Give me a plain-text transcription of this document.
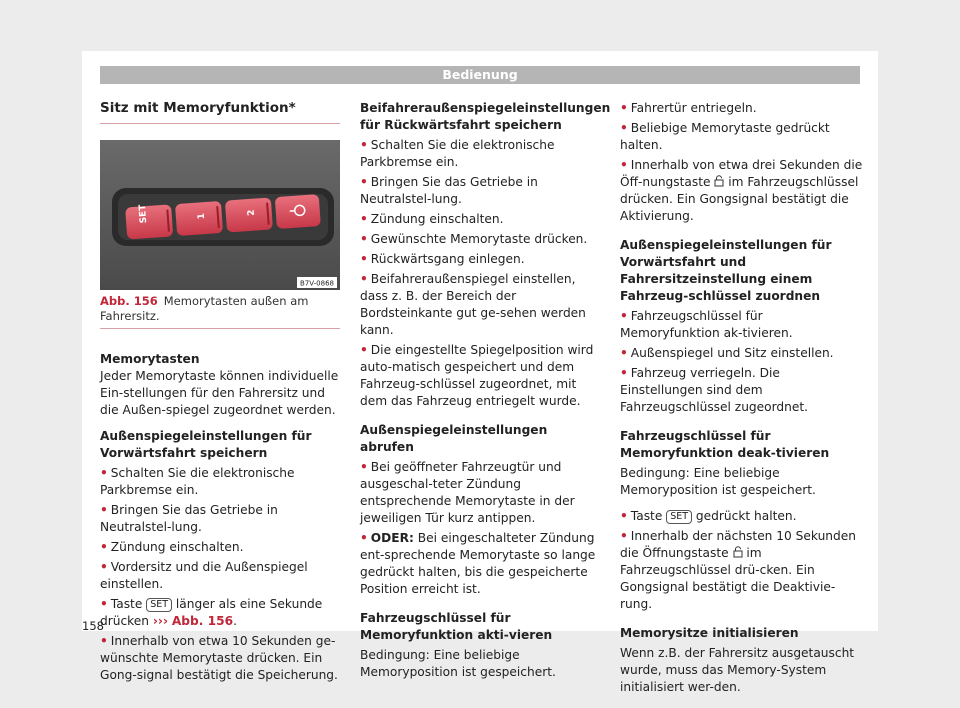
Bedienung
Sitz mit Memoryfunktion*
SET	1
2
B7V-0868
Abb. 156 Memorytasten außen am Fahrersitz.

Memorytasten

Jeder Memorytaste können individuelle Ein-stellungen für den Fahrersitz und die Außen-spiegel zugeordnet werden.

Außenspiegeleinstellungen für Vorwärtsfahrt speichern

• Schalten Sie die elektronische Parkbremse ein.
• Bringen Sie das Getriebe in Neutralstel-lung.
• Zündung einschalten.
• Vordersitz und die Außenspiegel einstellen.
• Taste SET länger als eine Sekunde drücken ››› Abb. 156.
• Innerhalb von etwa 10 Sekunden ge-wünschte Memorytaste drücken. Ein Gong-signal bestätigt die Speicherung.

Beifahreraußenspiegeleinstellungen für Rückwärtsfahrt speichern

• Schalten Sie die elektronische Parkbremse ein.
• Bringen Sie das Getriebe in Neutralstel-lung.
• Zündung einschalten.
• Gewünschte Memorytaste drücken.
• Rückwärtsgang einlegen.
• Beifahreraußenspiegel einstellen, dass z. B. der Bereich der Bordsteinkante gut ge-sehen werden kann.
• Die eingestellte Spiegelposition wird auto-matisch gespeichert und dem Fahrzeug-schlüssel zugeordnet, mit dem das Fahrzeug entriegelt wurde.

Außenspiegeleinstellungen abrufen

• Bei geöffneter Fahrzeugtür und ausgeschal-teter Zündung entsprechende Memorytaste in der jeweiligen Tür kurz antippen.
• ODER: Bei eingeschalteter Zündung ent-sprechende Memorytaste so lange gedrückt halten, bis die gespeicherte Position erreicht ist.

Fahrzeugschlüssel für Memoryfunktion akti-vieren

Bedingung: Eine beliebige Memoryposition ist gespeichert.

• Fahrertür entriegeln.
• Beliebige Memorytaste gedrückt halten.
• Innerhalb von etwa drei Sekunden die Öff-nungstaste im Fahrzeugschlüssel drücken. Ein Gongsignal bestätigt die Aktivierung.

Außenspiegeleinstellungen für Vorwärtsfahrt und Fahrersitzeinstellung einem Fahrzeug-schlüssel zuordnen

• Fahrzeugschlüssel für Memoryfunktion ak-tivieren.
• Außenspiegel und Sitz einstellen.
• Fahrzeug verriegeln. Die Einstellungen sind dem Fahrzeugschlüssel zugeordnet.

Fahrzeugschlüssel für Memoryfunktion deak-tivieren

Bedingung: Eine beliebige Memoryposition ist gespeichert.

• Taste SET gedrückt halten.
• Innerhalb der nächsten 10 Sekunden die Öffnungstaste im Fahrzeugschlüssel drü-cken. Ein Gongsignal bestätigt die Deaktivie-rung.

Memorysitze initialisieren

Wenn z.B. der Fahrersitz ausgetauscht wurde, muss das Memory-System initialisiert wer-den.

158
